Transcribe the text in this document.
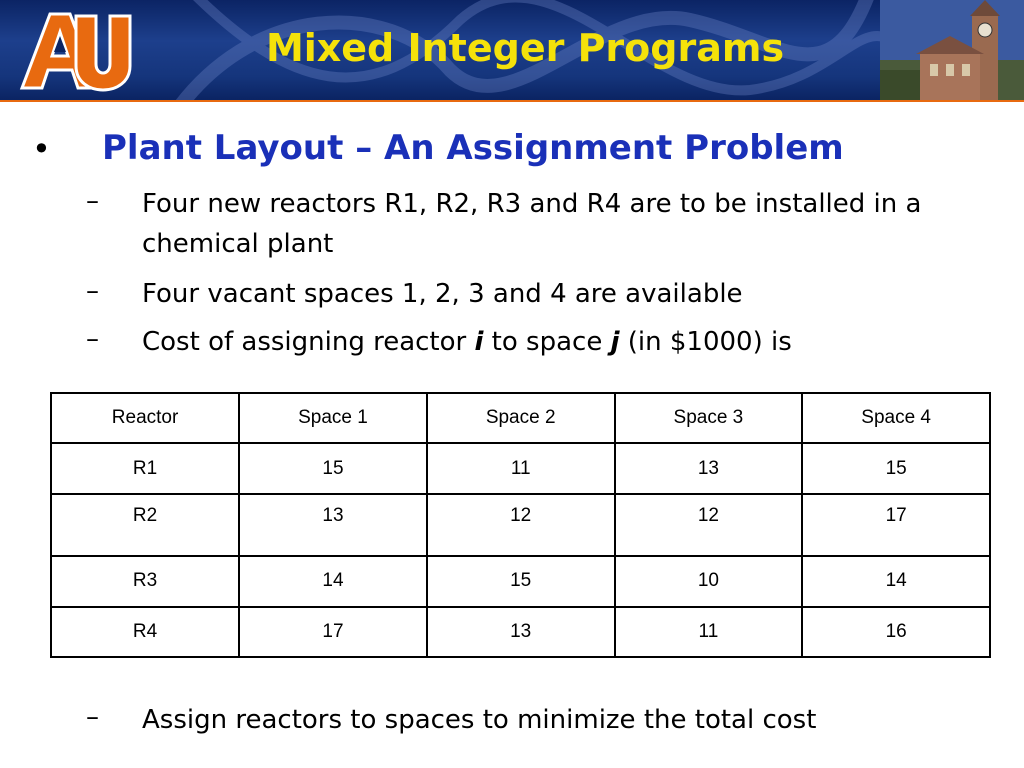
AU
Mixed Integer Programs
• Plant Layout – An Assignment Problem
– Four new reactors R1, R2, R3 and R4 are to be installed in a chemical plant
– Four vacant spaces 1, 2, 3 and 4 are available
– Cost of assigning reactor i to space j (in $1000) is
Reactor	Space 1	Space 2	Space 3	Space 4
R1	15	11	13	15
R2	13	12	12	17
R3	14	15	10	14
R4	17	13	11	16
– Assign reactors to spaces to minimize the total cost
